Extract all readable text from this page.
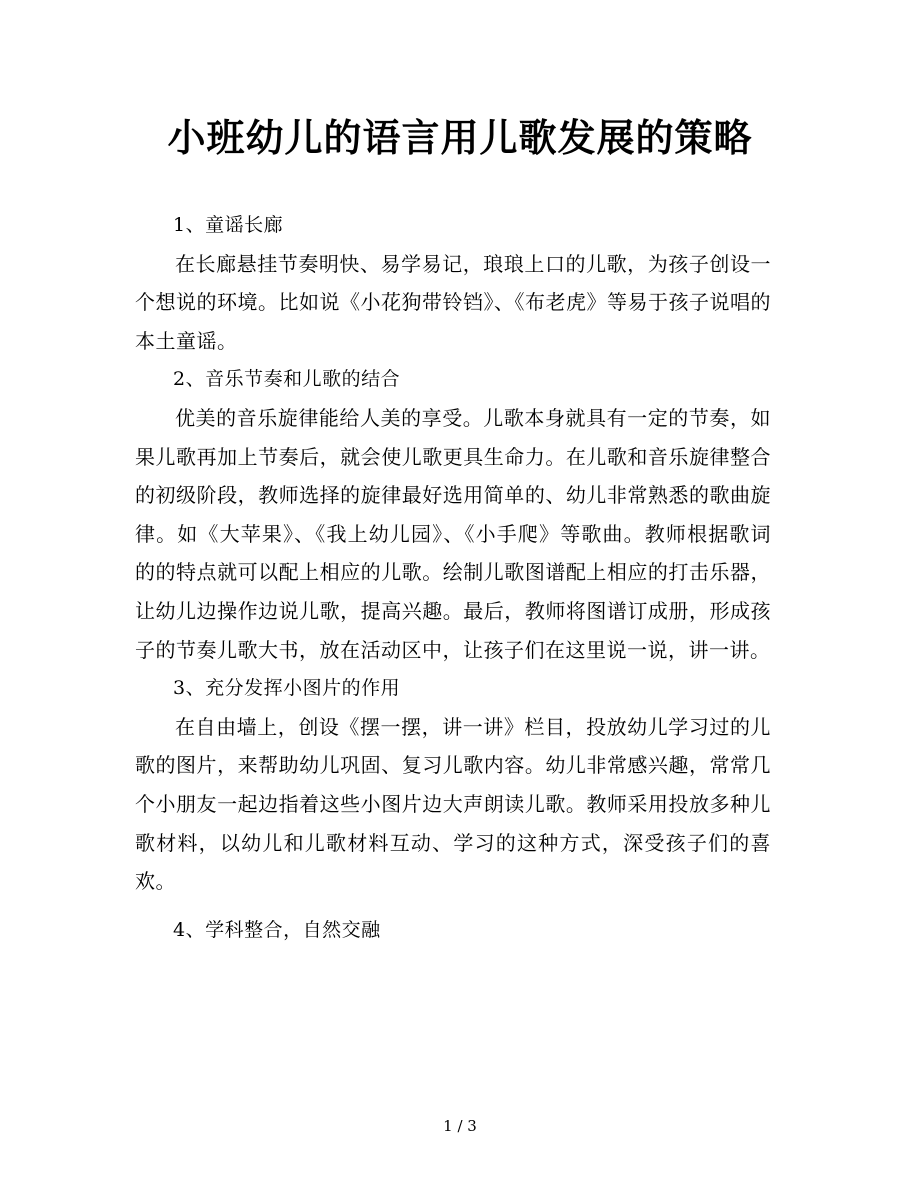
小班幼儿的语言用儿歌发展的策略

1、童谣长廊

在长廊悬挂节奏明快、易学易记，琅琅上口的儿歌，为孩子创设一个想说的环境。比如说《小花狗带铃铛》、《布老虎》等易于孩子说唱的本土童谣。

2、音乐节奏和儿歌的结合

优美的音乐旋律能给人美的享受。儿歌本身就具有一定的节奏，如果儿歌再加上节奏后，就会使儿歌更具生命力。在儿歌和音乐旋律整合的初级阶段，教师选择的旋律最好选用简单的、幼儿非常熟悉的歌曲旋律。如《大苹果》、《我上幼儿园》、《小手爬》等歌曲。教师根据歌词的的特点就可以配上相应的儿歌。绘制儿歌图谱配上相应的打击乐器，让幼儿边操作边说儿歌，提高兴趣。最后，教师将图谱订成册，形成孩子的节奏儿歌大书，放在活动区中，让孩子们在这里说一说，讲一讲。

3、充分发挥小图片的作用

在自由墙上，创设《摆一摆，讲一讲》栏目，投放幼儿学习过的儿歌的图片，来帮助幼儿巩固、复习儿歌内容。幼儿非常感兴趣，常常几个小朋友一起边指着这些小图片边大声朗读儿歌。教师采用投放多种儿歌材料，以幼儿和儿歌材料互动、学习的这种方式，深受孩子们的喜欢。

4、学科整合，自然交融

1 / 3
